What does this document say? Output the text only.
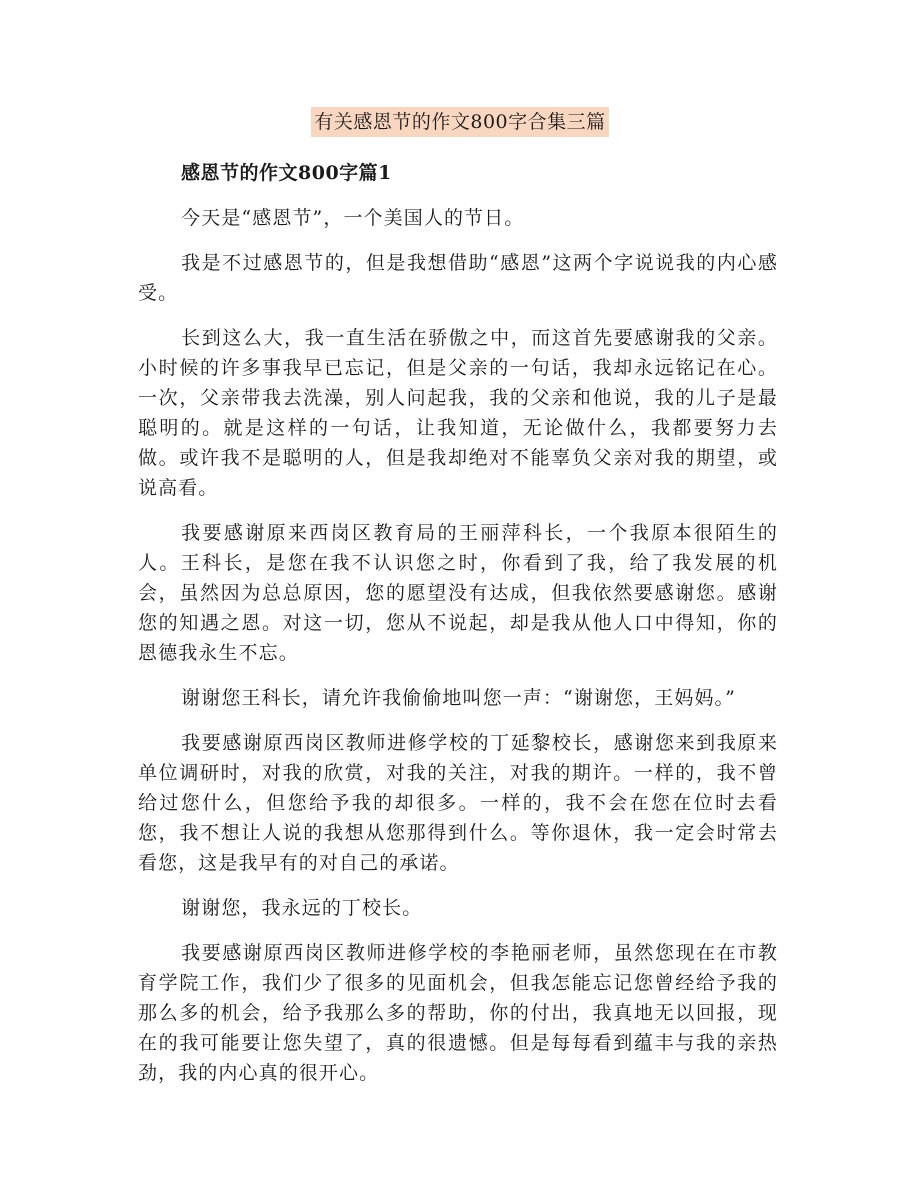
有关感恩节的作文800字合集三篇
感恩节的作文800字篇1

今天是“感恩节”，一个美国人的节日。

我是不过感恩节的，但是我想借助“感恩”这两个字说说我的内心感受。

长到这么大，我一直生活在骄傲之中，而这首先要感谢我的父亲。小时候的许多事我早已忘记，但是父亲的一句话，我却永远铭记在心。一次，父亲带我去洗澡，别人问起我，我的父亲和他说，我的儿子是最聪明的。就是这样的一句话，让我知道，无论做什么，我都要努力去做。或许我不是聪明的人，但是我却绝对不能辜负父亲对我的期望，或说高看。

我要感谢原来西岗区教育局的王丽萍科长，一个我原本很陌生的人。王科长，是您在我不认识您之时，你看到了我，给了我发展的机会，虽然因为总总原因，您的愿望没有达成，但我依然要感谢您。感谢您的知遇之恩。对这一切，您从不说起，却是我从他人口中得知，你的恩德我永生不忘。

谢谢您王科长，请允许我偷偷地叫您一声：“谢谢您，王妈妈。”

我要感谢原西岗区教师进修学校的丁延黎校长，感谢您来到我原来单位调研时，对我的欣赏，对我的关注，对我的期许。一样的，我不曾给过您什么，但您给予我的却很多。一样的，我不会在您在位时去看您，我不想让人说的我想从您那得到什么。等你退休，我一定会时常去看您，这是我早有的对自己的承诺。

谢谢您，我永远的丁校长。

我要感谢原西岗区教师进修学校的李艳丽老师，虽然您现在在市教育学院工作，我们少了很多的见面机会，但我怎能忘记您曾经给予我的那么多的机会，给予我那么多的帮助，你的付出，我真地无以回报，现在的我可能要让您失望了，真的很遗憾。但是每每看到蕴丰与我的亲热劲，我的内心真的很开心。
